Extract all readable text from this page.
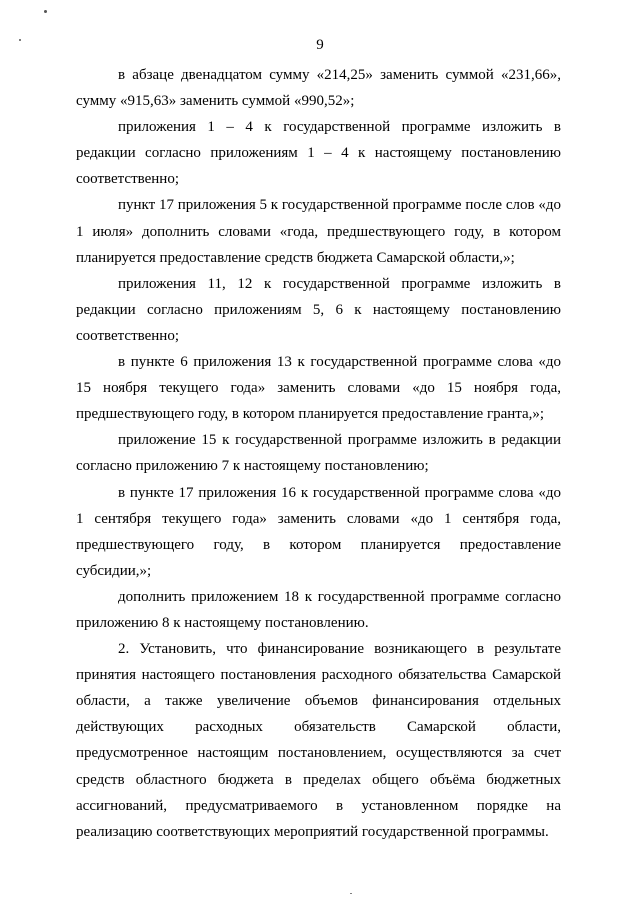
9

в абзаце двенадцатом сумму «214,25» заменить суммой «231,66», сумму «915,63» заменить суммой «990,52»;

приложения 1 – 4 к государственной программе изложить в редакции согласно приложениям 1 – 4 к настоящему постановлению соответственно;

пункт 17 приложения 5 к государственной программе после слов «до 1 июля» дополнить словами «года, предшествующего году, в котором планируется предоставление средств бюджета Самарской области,»;

приложения 11, 12 к государственной программе изложить в редакции согласно приложениям 5, 6 к настоящему постановлению соответственно;

в пункте 6 приложения 13 к государственной программе слова «до 15 ноября текущего года» заменить словами «до 15 ноября года, предшествующего году, в котором планируется предоставление гранта,»;

приложение 15 к государственной программе изложить в редакции согласно приложению 7 к настоящему постановлению;

в пункте 17 приложения 16 к государственной программе слова «до 1 сентября текущего года» заменить словами «до 1 сентября года, предшествующего году, в котором планируется предоставление субсидии,»;

дополнить приложением 18 к государственной программе согласно приложению 8 к настоящему постановлению.

2. Установить, что финансирование возникающего в результате принятия настоящего постановления расходного обязательства Самарской области, а также увеличение объемов финансирования отдельных действующих расходных обязательств Самарской области, предусмотренное настоящим постановлением, осуществляются за счет средств областного бюджета в пределах общего объёма бюджетных ассигнований, предусматриваемого в установленном порядке на реализацию соответствующих мероприятий государственной программы.
